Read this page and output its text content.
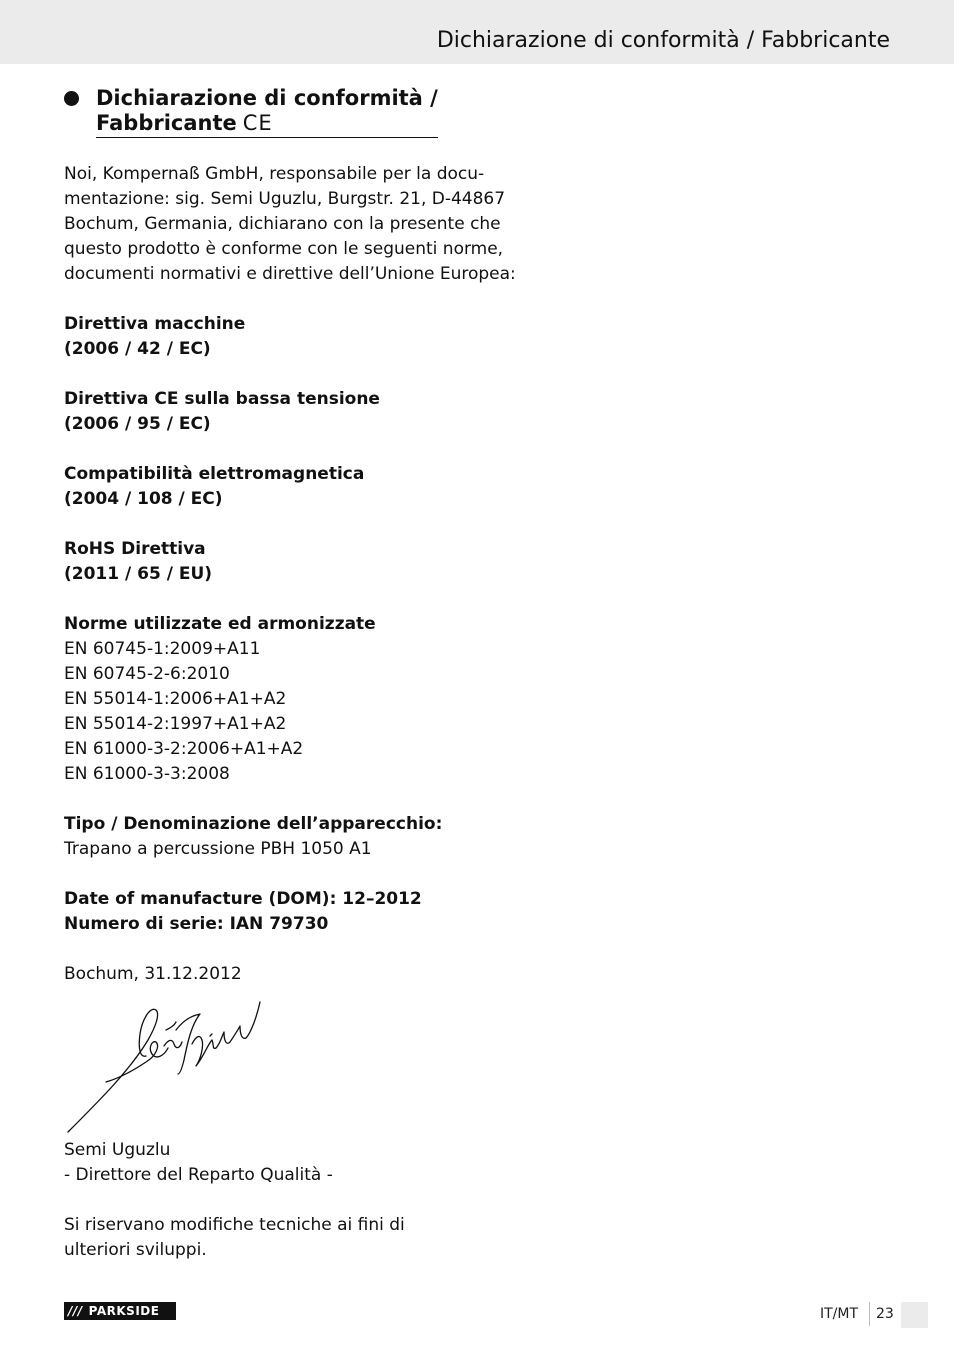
Dichiarazione di conformità / Fabbricante
Dichiarazione di conformità /
Fabbricante CE
Noi, Kompernaß GmbH, responsabile per la docu-
mentazione: sig. Semi Uguzlu, Burgstr. 21, D-44867
Bochum, Germania, dichiarano con la presente che
questo prodotto è conforme con le seguenti norme,
documenti normativi e direttive dell’Unione Europea:
Direttiva macchine
(2006 / 42 / EC)
Direttiva CE sulla bassa tensione
(2006 / 95 / EC)
Compatibilità elettromagnetica
(2004 / 108 / EC)
RoHS Direttiva
(2011 / 65 / EU)
Norme utilizzate ed armonizzate
EN 60745-1:2009+A11
EN 60745-2-6:2010
EN 55014-1:2006+A1+A2
EN 55014-2:1997+A1+A2
EN 61000-3-2:2006+A1+A2
EN 61000-3-3:2008
Tipo / Denominazione dell’apparecchio:
Trapano a percussione PBH 1050 A1
Date of manufacture (DOM): 12–2012
Numero di serie: IAN 79730
Bochum, 31.12.2012
Semi Uguzlu
- Direttore del Reparto Qualità -
Si riservano modifiche tecniche ai fini di
ulteriori sviluppi.
/// PARKSIDE	IT/MT 23
